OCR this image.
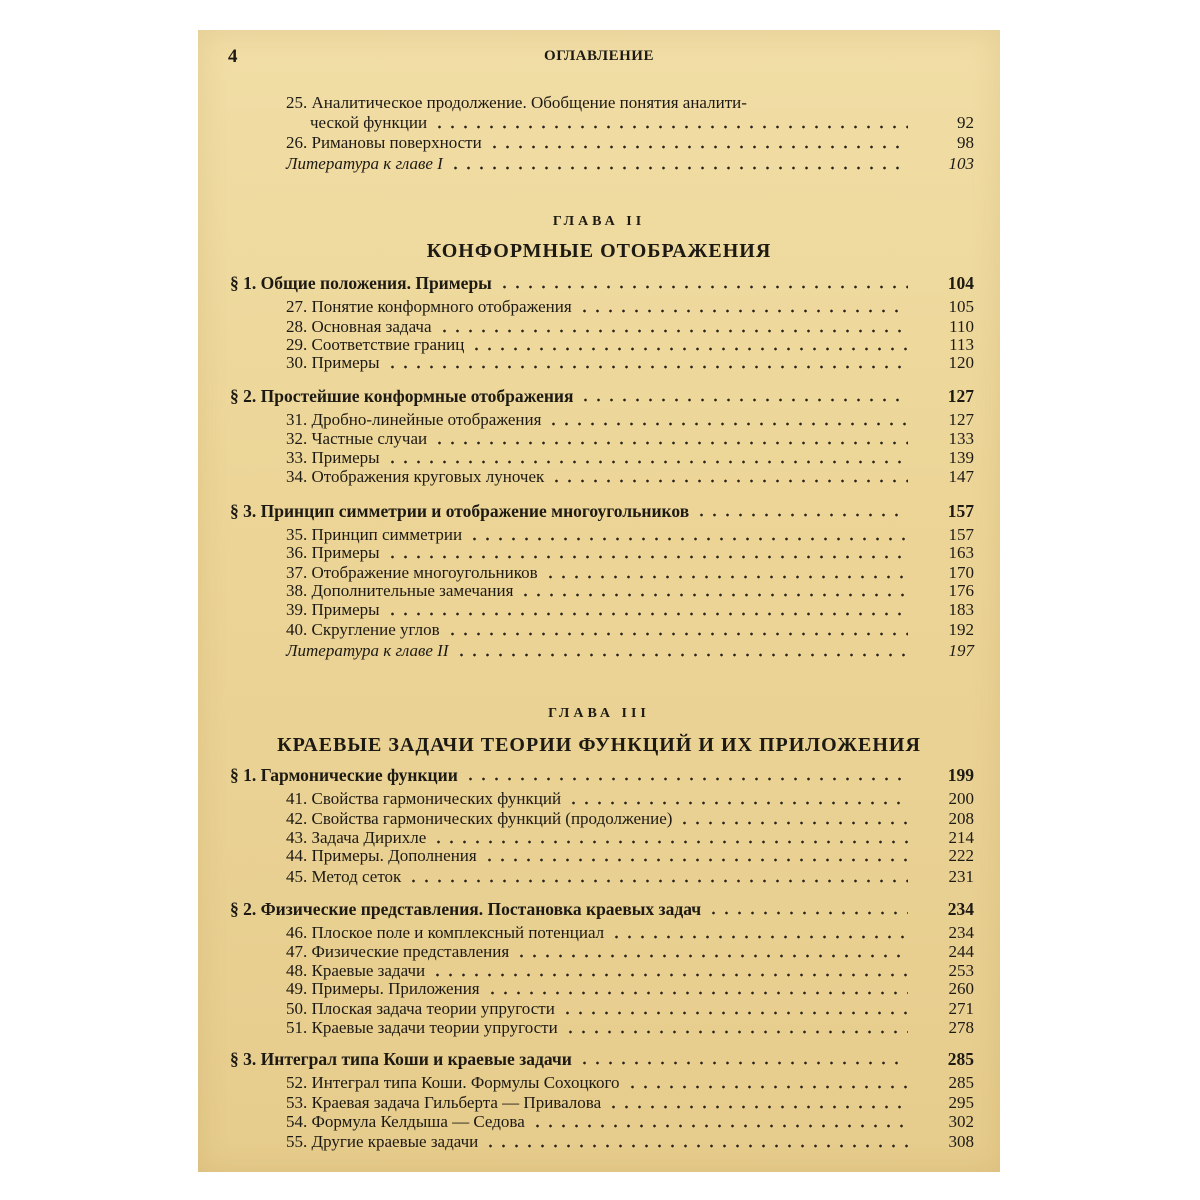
4	ОГЛАВЛЕНИЕ
25. Аналитическое продолжение. Обобщение понятия аналити-
ческой функции	92
26. Римановы поверхности	98
Литература к главе I	103
ГЛАВА II
КОНФОРМНЫЕ ОТОБРАЖЕНИЯ
§ 1. Общие положения. Примеры	104
27. Понятие конформного отображения	105
28. Основная задача	110
29. Соответствие границ	113
30. Примеры	120
§ 2. Простейшие конформные отображения	127
31. Дробно-линейные отображения	127
32. Частные случаи	133
33. Примеры	139
34. Отображения круговых луночек	147
§ 3. Принцип симметрии и отображение многоугольников	157
35. Принцип симметрии	157
36. Примеры	163
37. Отображение многоугольников	170
38. Дополнительные замечания	176
39. Примеры	183
40. Скругление углов	192
Литература к главе II	197
ГЛАВА III
КРАЕВЫЕ ЗАДАЧИ ТЕОРИИ ФУНКЦИЙ И ИХ ПРИЛОЖЕНИЯ
§ 1. Гармонические функции	199
41. Свойства гармонических функций	200
42. Свойства гармонических функций (продолжение)	208
43. Задача Дирихле	214
44. Примеры. Дополнения	222
45. Метод сеток	231
§ 2. Физические представления. Постановка краевых задач	234
46. Плоское поле и комплексный потенциал	234
47. Физические представления	244
48. Краевые задачи	253
49. Примеры. Приложения	260
50. Плоская задача теории упругости	271
51. Краевые задачи теории упругости	278
§ 3. Интеграл типа Коши и краевые задачи	285
52. Интеграл типа Коши. Формулы Сохоцкого	285
53. Краевая задача Гильберта — Привалова	295
54. Формула Келдыша — Седова	302
55. Другие краевые задачи	308
